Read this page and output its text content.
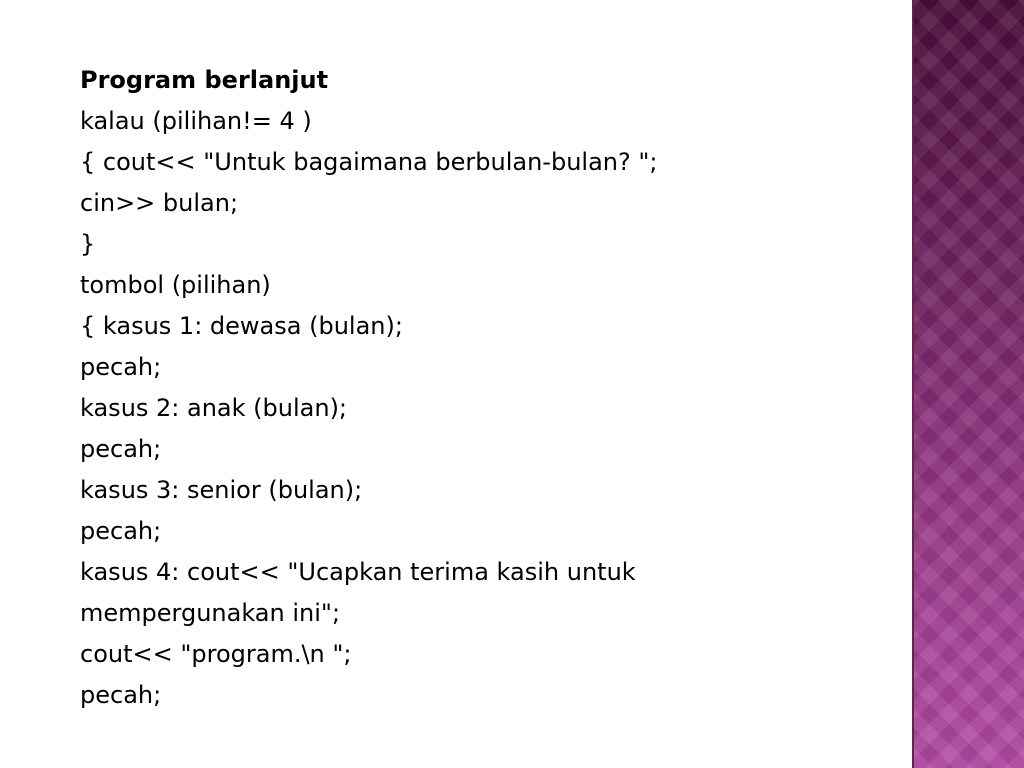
Program berlanjut
kalau (pilihan!= 4 )
{ cout<< "Untuk bagaimana berbulan-bulan? ";
cin>> bulan;
}
tombol (pilihan)
{ kasus 1: dewasa (bulan);
pecah;
kasus 2: anak (bulan);
pecah;
kasus 3: senior (bulan);
pecah;
kasus 4: cout<< "Ucapkan terima kasih untuk
mempergunakan ini";
cout<< "program.\n ";
pecah;
